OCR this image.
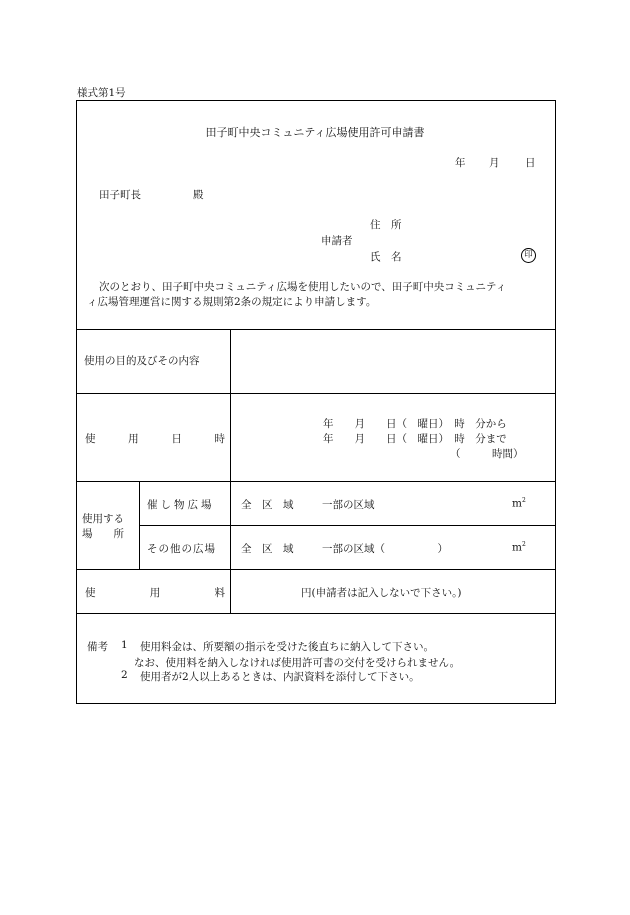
様式第1号
田子町中央コミュニティ広場使用許可申請書
年 月 日
田子町長	殿
住　所
申請者
氏　名	印
次のとおり、田子町中央コミュニティ広場を使用したいので、田子町中央コミュニティ
ィ広場管理運営に関する規則第2条の規定により申請します。
使用の目的及びその内容
使	用	日	時
年　　月　　日（　曜日）　時　分から
年　　月　　日（　曜日）　時　分まで
（　　　時間）
使用する
場　　所
催し物広場	全　区　域	一部の区域	$m^2$
その他の広場 全　区　域	一部の区域（　　　　　）	$m^2$
使	用	料	円(申請者は記入しないで下さい。)
備考 1 使用料金は、所要額の指示を受けた後直ちに納入して下さい。
なお、使用料を納入しなければ使用許可書の交付を受けられません。
2 使用者が2人以上あるときは、内訳資料を添付して下さい。
